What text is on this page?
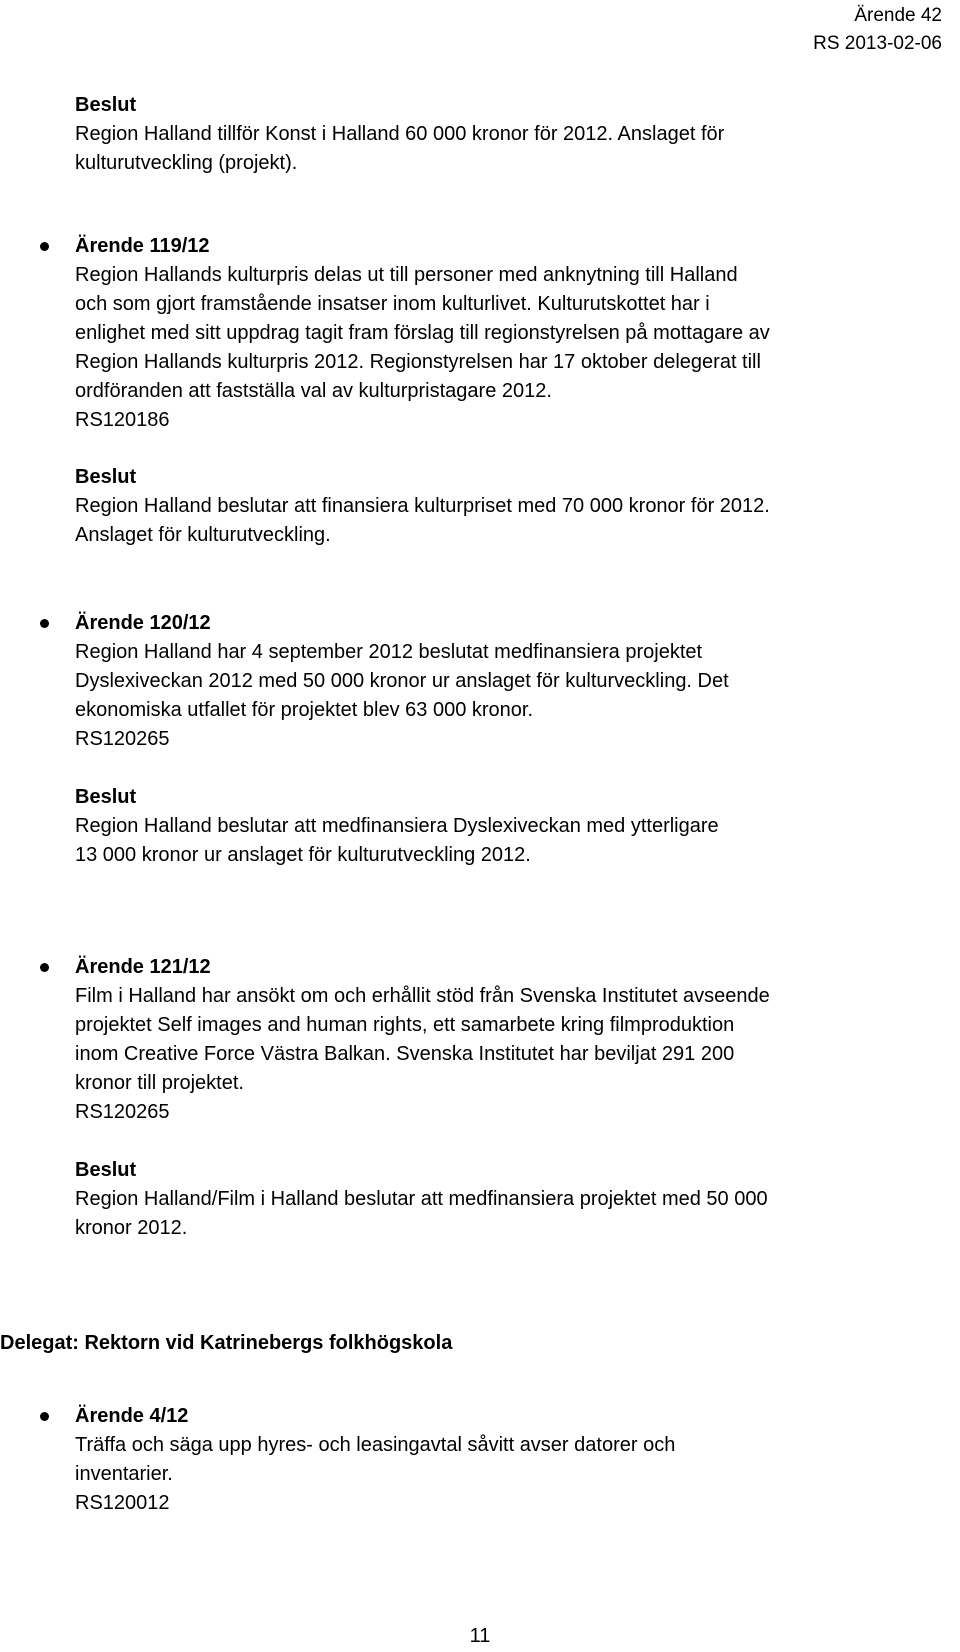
Ärende 42
RS 2013-02-06
Beslut
Region Halland tillför Konst i Halland 60 000 kronor för 2012. Anslaget för
kulturutveckling (projekt).
Ärende 119/12
Region Hallands kulturpris delas ut till personer med anknytning till Halland
och som gjort framstående insatser inom kulturlivet. Kulturutskottet har i
enlighet med sitt uppdrag tagit fram förslag till regionstyrelsen på mottagare av
Region Hallands kulturpris 2012. Regionstyrelsen har 17 oktober delegerat till
ordföranden att fastställa val av kulturpristagare 2012.
RS120186
Beslut
Region Halland beslutar att finansiera kulturpriset med 70 000 kronor för 2012.
Anslaget för kulturutveckling.
Ärende 120/12
Region Halland har 4 september 2012 beslutat medfinansiera projektet
Dyslexiveckan 2012 med 50 000 kronor ur anslaget för kulturveckling. Det
ekonomiska utfallet för projektet blev 63 000 kronor.
RS120265
Beslut
Region Halland beslutar att medfinansiera Dyslexiveckan med ytterligare
13 000 kronor ur anslaget för kulturutveckling 2012.
Ärende 121/12
Film i Halland har ansökt om och erhållit stöd från Svenska Institutet avseende
projektet Self images and human rights, ett samarbete kring filmproduktion
inom Creative Force Västra Balkan. Svenska Institutet har beviljat 291 200
kronor till projektet.
RS120265
Beslut
Region Halland/Film i Halland beslutar att medfinansiera projektet med 50 000
kronor 2012.
Delegat: Rektorn vid Katrinebergs folkhögskola
Ärende 4/12
Träffa och säga upp hyres- och leasingavtal såvitt avser datorer och
inventarier.
RS120012
11
